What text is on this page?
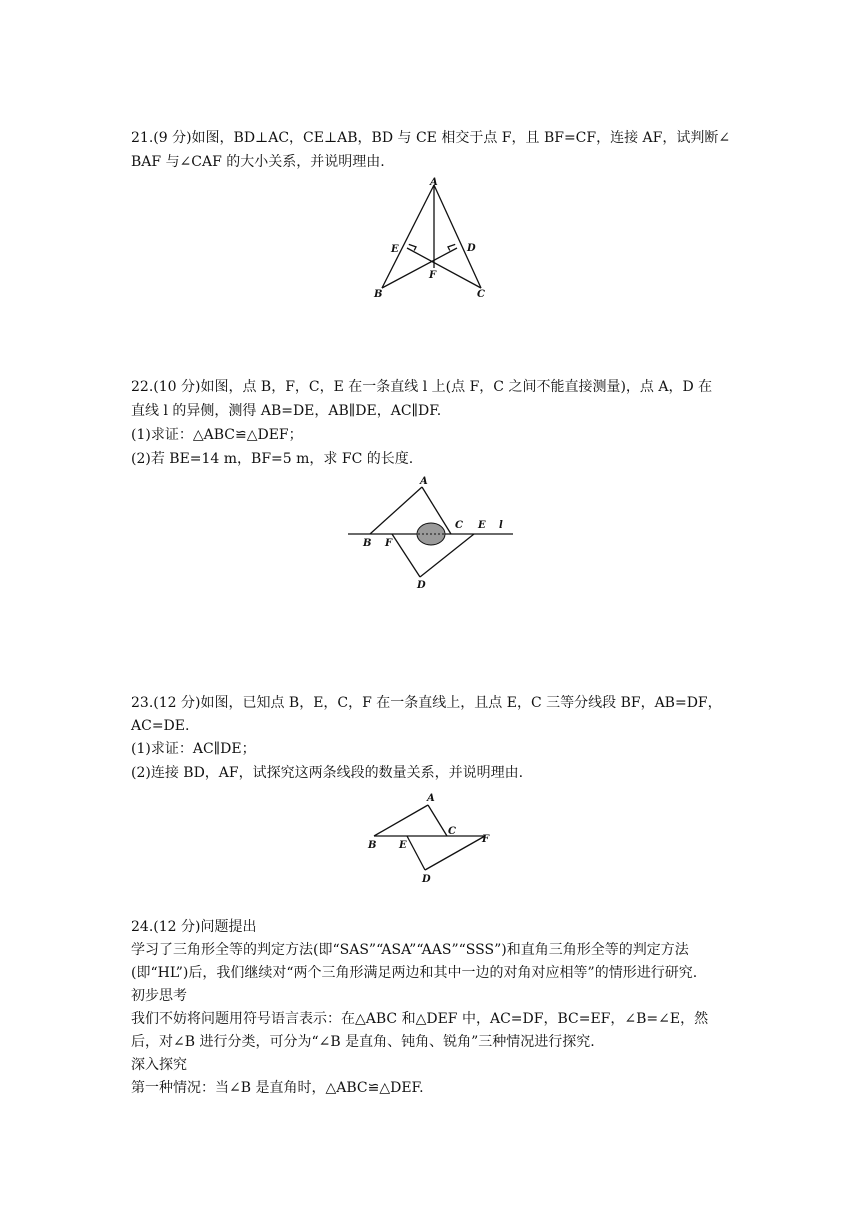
21.(9 分)如图，BD⊥AC，CE⊥AB，BD 与 CE 相交于点 F，且 BF=CF，连接 AF，试判断∠
BAF 与∠CAF 的大小关系，并说明理由.
A
B	C
D
E
F
22.(10 分)如图，点 B，F，C，E 在一条直线 l 上(点 F，C 之间不能直接测量)，点 A，D 在
直线 l 的异侧，测得 AB=DE，AB∥DE，AC∥DF.
(1)求证：△ABC≌△DEF；
(2)若 BE=14 m，BF=5 m，求 FC 的长度.
A
B F
C E l
D
23.(12 分)如图，已知点 B，E，C，F 在一条直线上，且点 E，C 三等分线段 BF，AB=DF，
AC=DE.
(1)求证：AC∥DE；
(2)连接 BD，AF，试探究这两条线段的数量关系，并说明理由.
A
B E
C
F
D
24.(12 分)问题提出
学习了三角形全等的判定方法(即“SAS”“ASA”“AAS”“SSS”)和直角三角形全等的判定方法
(即“HL”)后，我们继续对“两个三角形满足两边和其中一边的对角对应相等”的情形进行研究.
初步思考
我们不妨将问题用符号语言表示：在△ABC 和△DEF 中，AC=DF，BC=EF，∠B=∠E，然
后，对∠B 进行分类，可分为“∠B 是直角、钝角、锐角”三种情况进行探究.
深入探究
第一种情况：当∠B 是直角时，△ABC≌△DEF.
